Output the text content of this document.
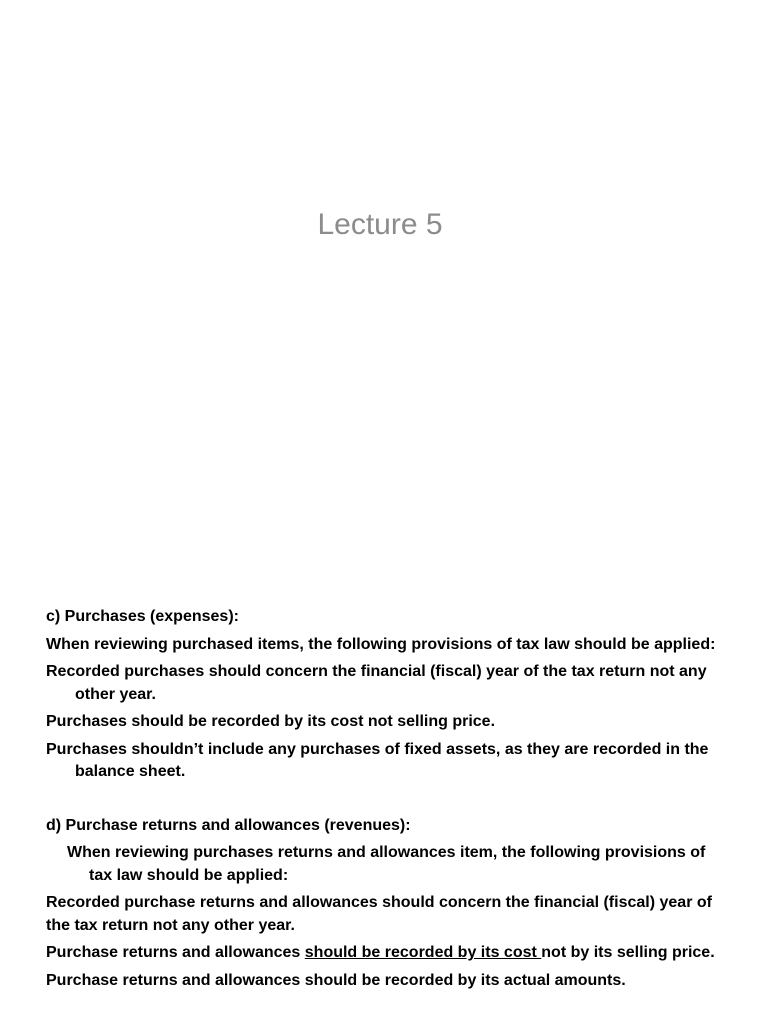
Lecture 5
c) Purchases (expenses):
When reviewing purchased items, the following provisions of tax law should be applied:
Recorded purchases should concern the financial (fiscal) year of the tax return not any other year.
Purchases should be recorded by its cost not selling price.
Purchases shouldn’t include any purchases of fixed assets, as they are recorded in the balance sheet.
d) Purchase returns and allowances (revenues):
When reviewing purchases returns and allowances item, the following provisions of tax law should be applied:
Recorded purchase returns and allowances should concern the financial (fiscal) year of the tax return not any other year.
Purchase returns and allowances should be recorded by its cost not by its selling price.
Purchase returns and allowances should be recorded by its actual amounts.
